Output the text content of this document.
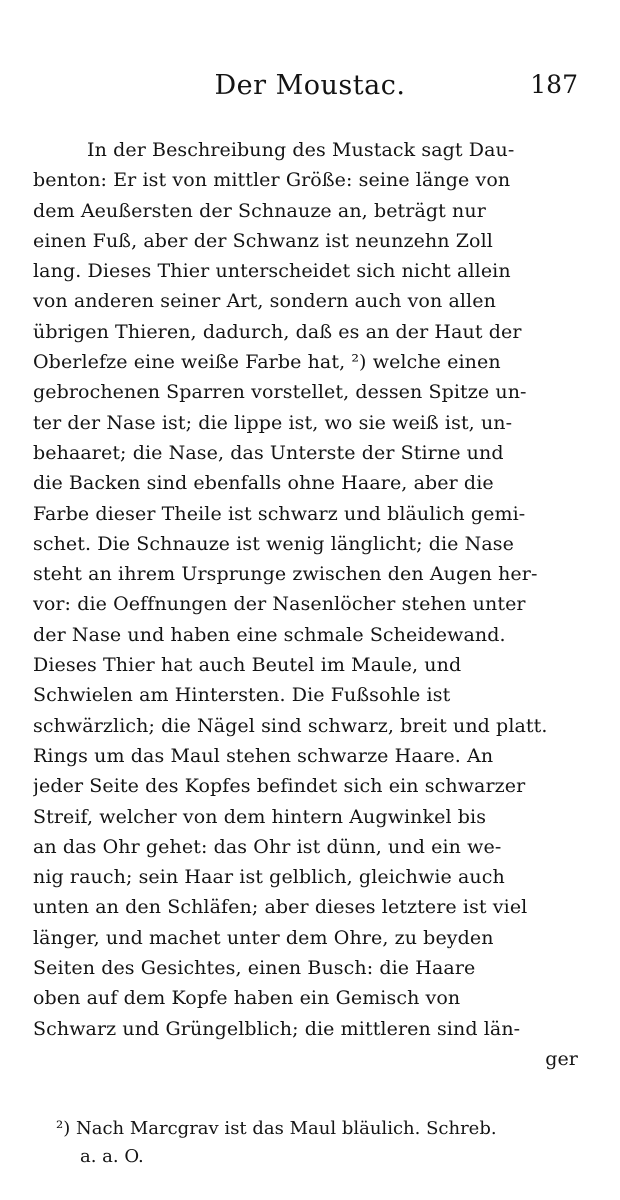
Der Moustac.	187
In der Beschreibung des Mustack sagt Dau-
benton: Er ist von mittler Größe: seine länge von
dem Aeußersten der Schnauze an, beträgt nur
einen Fuß, aber der Schwanz ist neunzehn Zoll
lang. Dieses Thier unterscheidet sich nicht allein
von anderen seiner Art, sondern auch von allen
übrigen Thieren, dadurch, daß es an der Haut der
Oberlefze eine weiße Farbe hat, ²) welche einen
gebrochenen Sparren vorstellet, dessen Spitze un-
ter der Nase ist; die lippe ist, wo sie weiß ist, un-
behaaret; die Nase, das Unterste der Stirne und
die Backen sind ebenfalls ohne Haare, aber die
Farbe dieser Theile ist schwarz und bläulich gemi-
schet. Die Schnauze ist wenig länglicht; die Nase
steht an ihrem Ursprunge zwischen den Augen her-
vor: die Oeffnungen der Nasenlöcher stehen unter
der Nase und haben eine schmale Scheidewand.
Dieses Thier hat auch Beutel im Maule, und
Schwielen am Hintersten. Die Fußsohle ist
schwärzlich; die Nägel sind schwarz, breit und platt.
Rings um das Maul stehen schwarze Haare. An
jeder Seite des Kopfes befindet sich ein schwarzer
Streif, welcher von dem hintern Augwinkel bis
an das Ohr gehet: das Ohr ist dünn, und ein we-
nig rauch; sein Haar ist gelblich, gleichwie auch
unten an den Schläfen; aber dieses letztere ist viel
länger, und machet unter dem Ohre, zu beyden
Seiten des Gesichtes, einen Busch: die Haare
oben auf dem Kopfe haben ein Gemisch von
Schwarz und Grüngelblich; die mittleren sind län-
ger
²) Nach Marcgrav ist das Maul bläulich. Schreb.
a. a. O.
